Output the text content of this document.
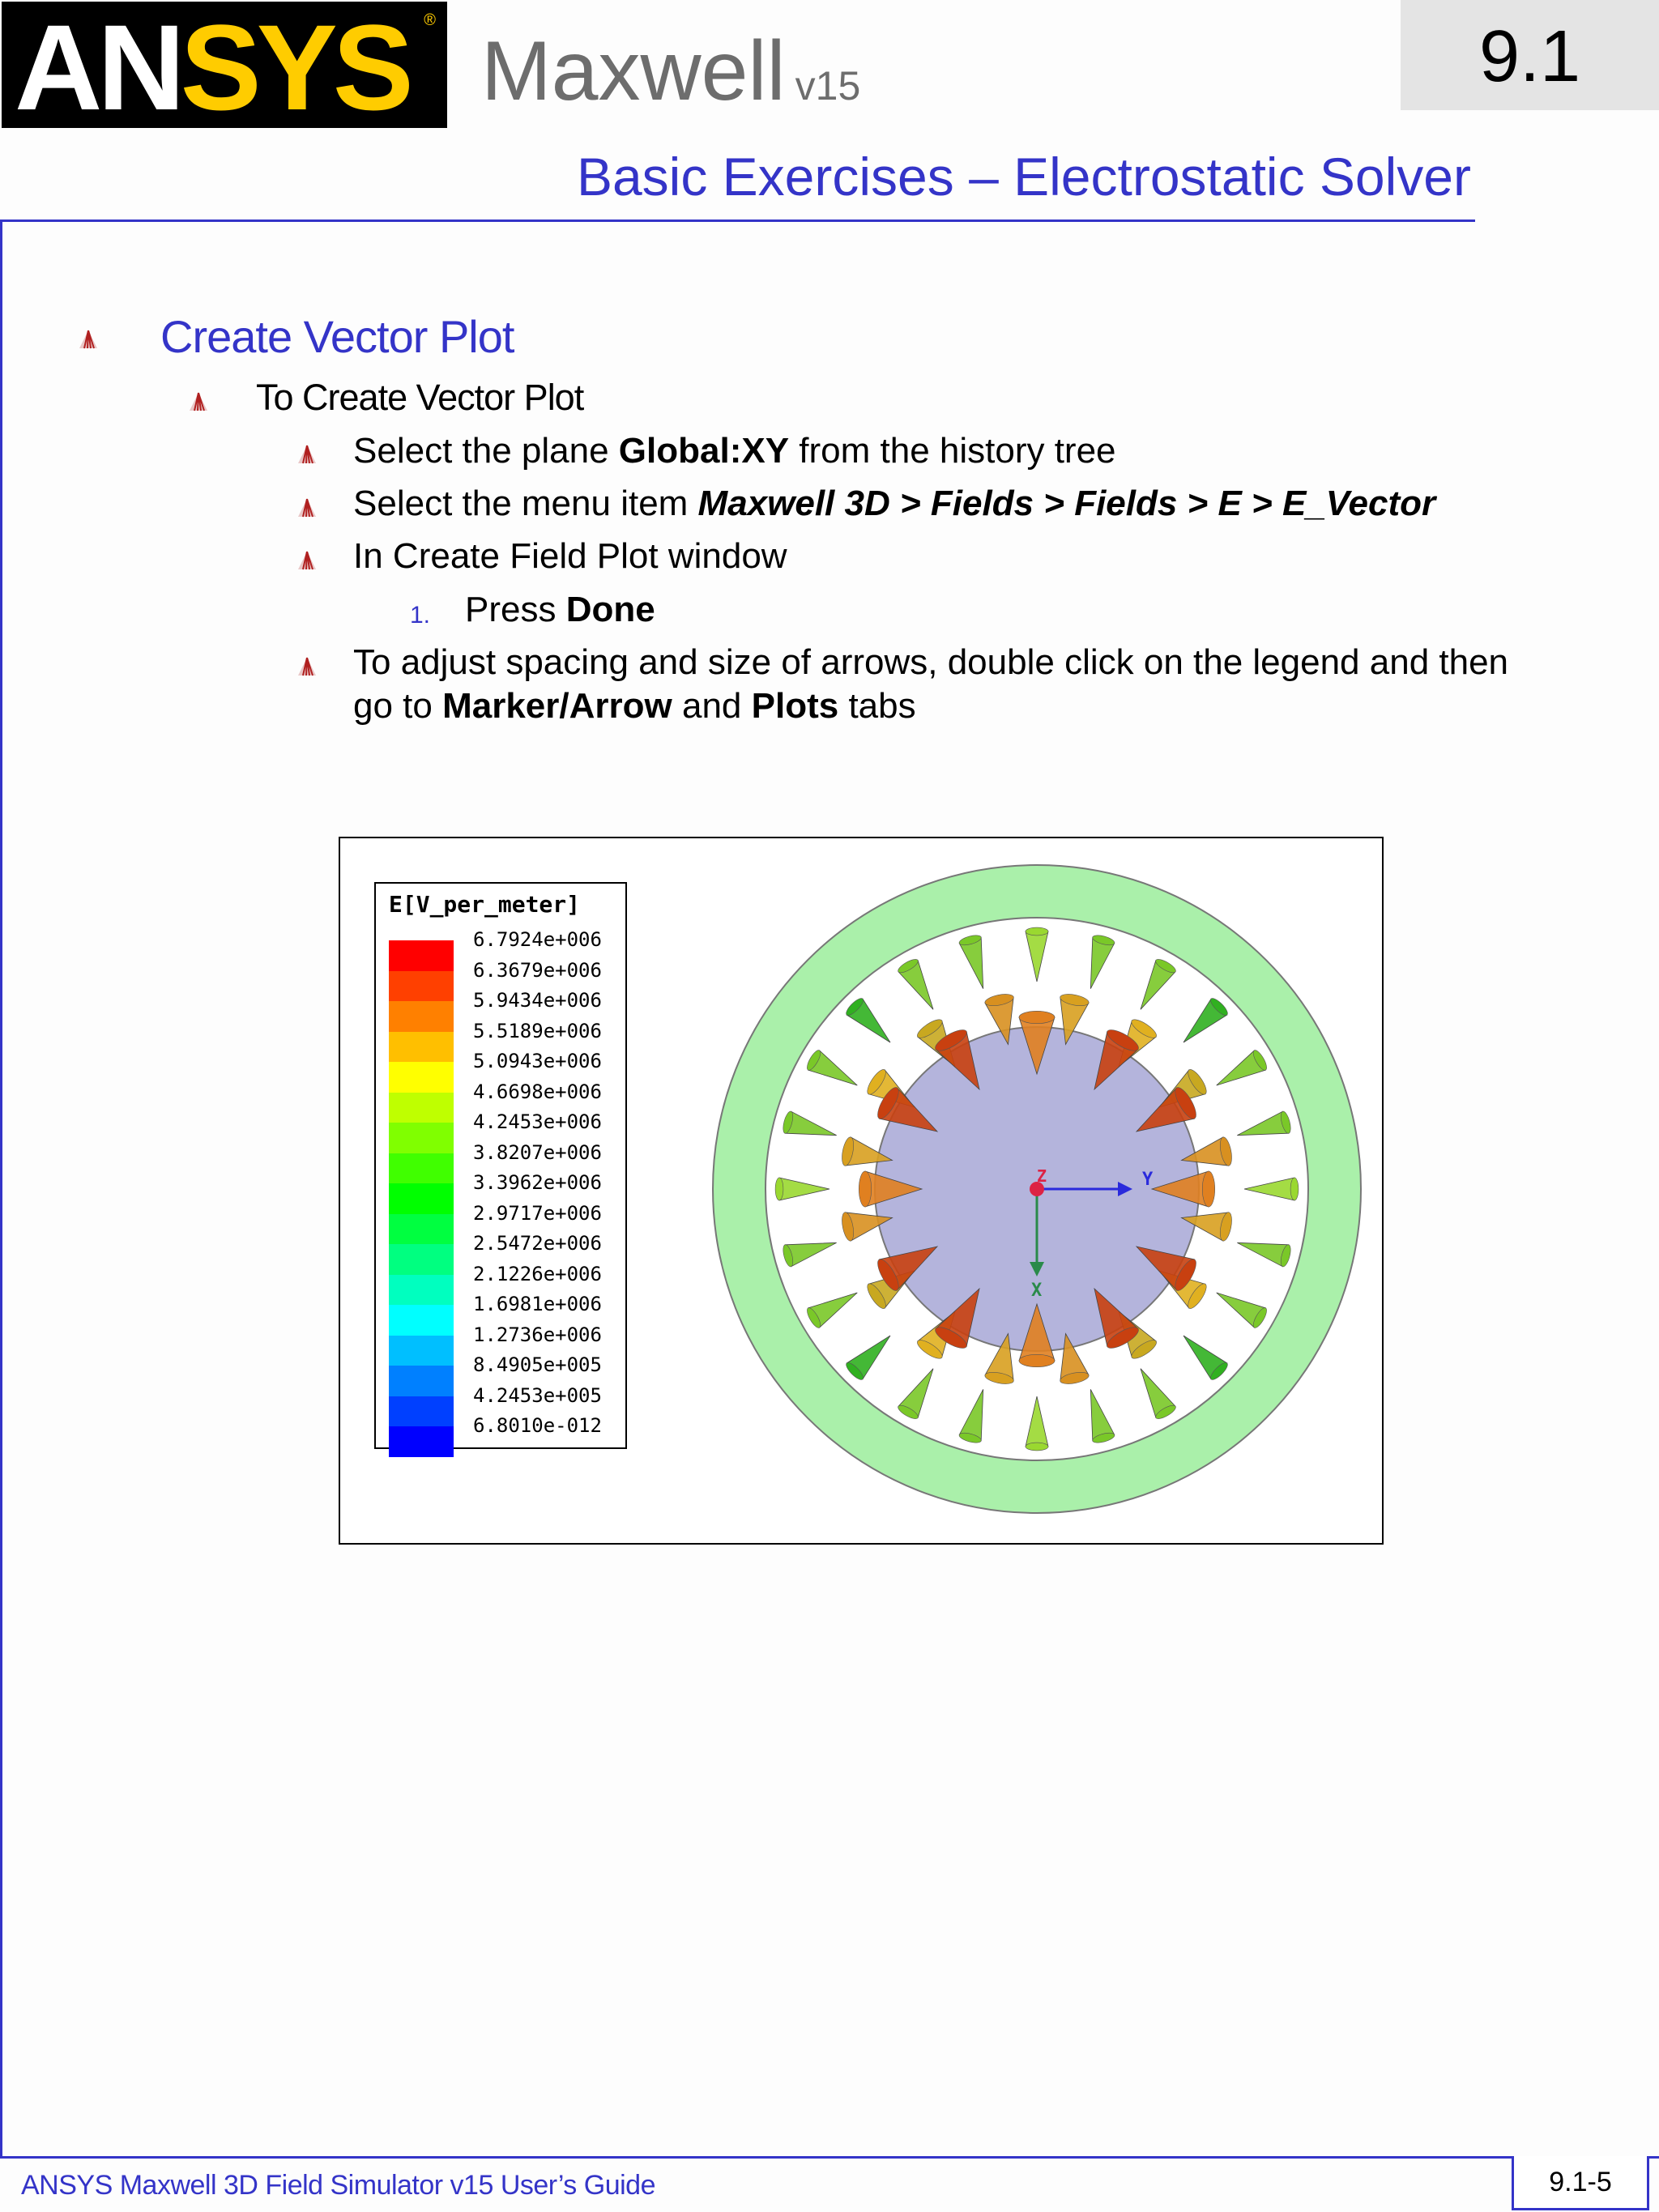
ANSYS ®
Maxwell v15	9.1
Basic Exercises – Electrostatic Solver
Create Vector Plot
To Create Vector Plot
Select the plane Global:XY from the history tree
Select the menu item Maxwell 3D > Fields > Fields > E > E_Vector
In Create Field Plot window
1. Press Done
To adjust spacing and size of arrows, double click on the legend and then
go to Marker/Arrow and Plots tabs
E[V_per_meter]
6.7924e+006
6.3679e+006
5.9434e+006
5.5189e+006
5.0943e+006
4.6698e+006
4.2453e+006
3.8207e+006
3.3962e+006
2.9717e+006
2.5472e+006
2.1226e+006
1.6981e+006
1.2736e+006
8.4905e+005
4.2453e+005
6.8010e-012
Z	Y
X
ANSYS Maxwell 3D Field Simulator v15 User’s Guide	9.1-5
